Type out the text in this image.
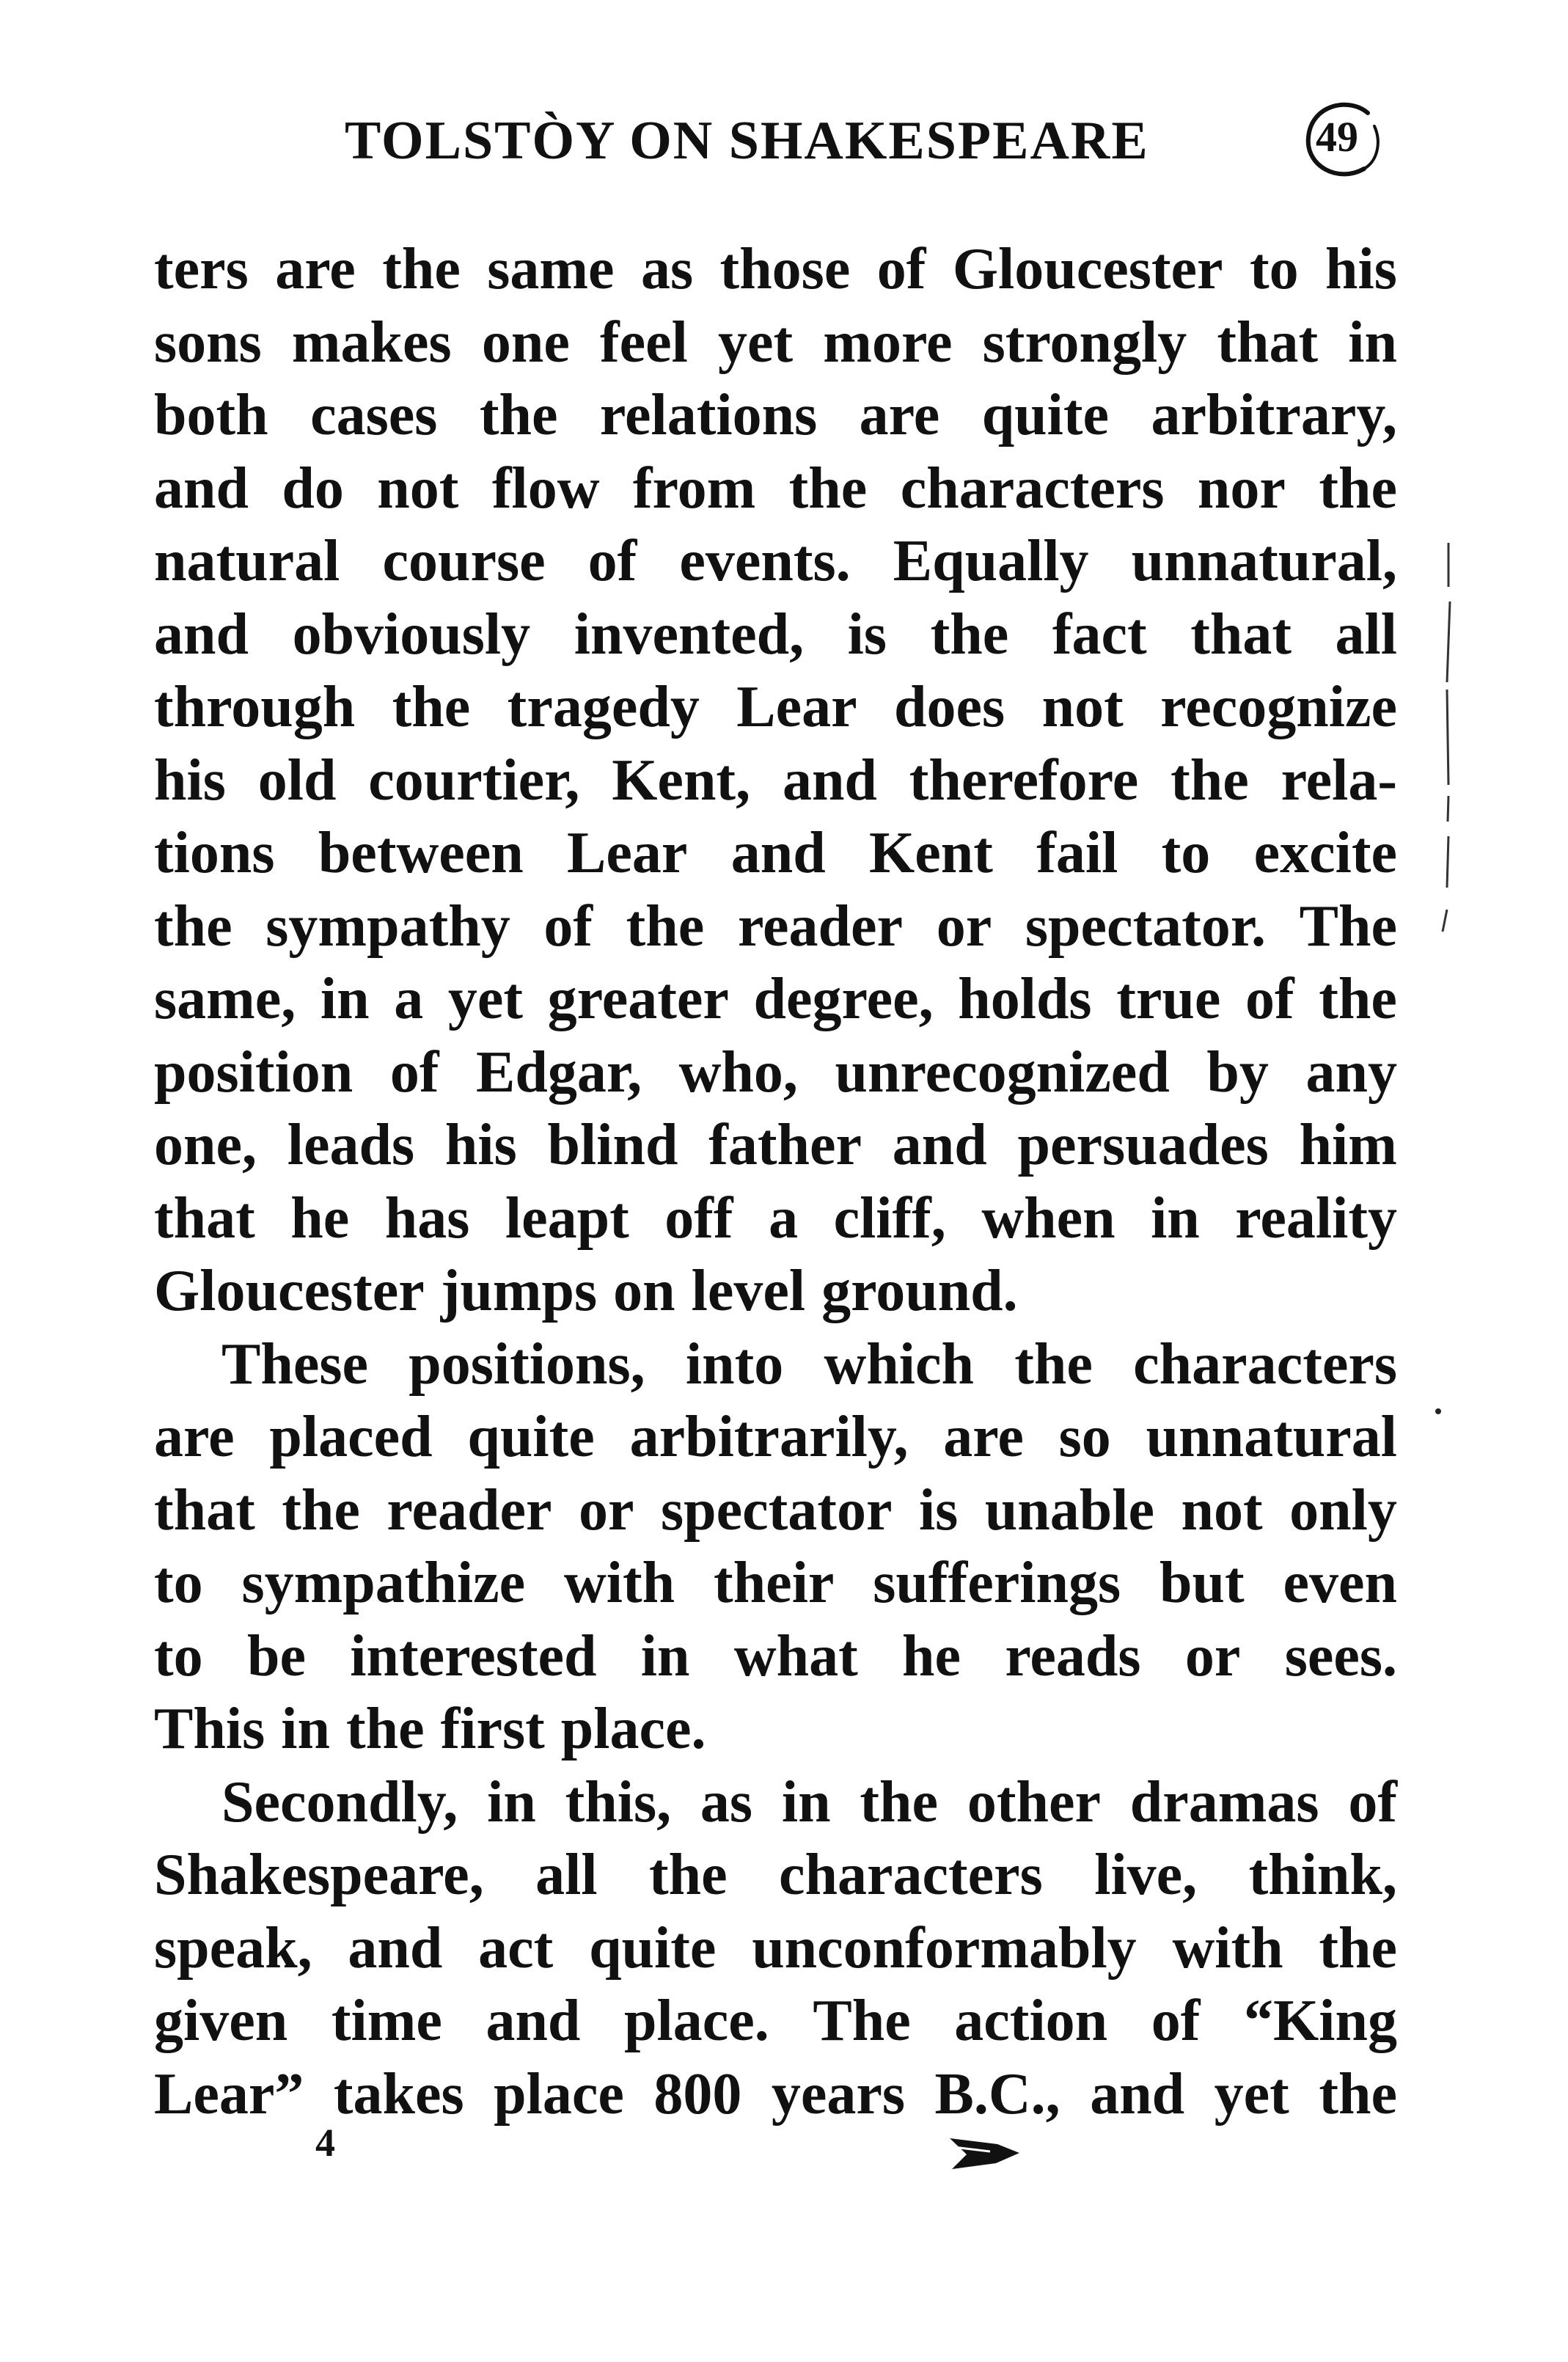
TOLSTÒY ON SHAKESPEARE	49
ters are the same as those of Gloucester to his
sons makes one feel yet more strongly that in
both cases the relations are quite arbitrary,
and do not flow from the characters nor the
natural course of events. Equally unnatural,
and obviously invented, is the fact that all
through the tragedy Lear does not recognize
his old courtier, Kent, and therefore the rela-
tions between Lear and Kent fail to excite
the sympathy of the reader or spectator. The
same, in a yet greater degree, holds true of the
position of Edgar, who, unrecognized by any
one, leads his blind father and persuades him
that he has leapt off a cliff, when in reality
Gloucester jumps on level ground.
These positions, into which the characters
are placed quite arbitrarily, are so unnatural
that the reader or spectator is unable not only
to sympathize with their sufferings but even
to be interested in what he reads or sees.
This in the first place.
Secondly, in this, as in the other dramas of
Shakespeare, all the characters live, think,
speak, and act quite unconformably with the
given time and place. The action of “King
Lear” takes place 800 years B.C., and yet the
4
